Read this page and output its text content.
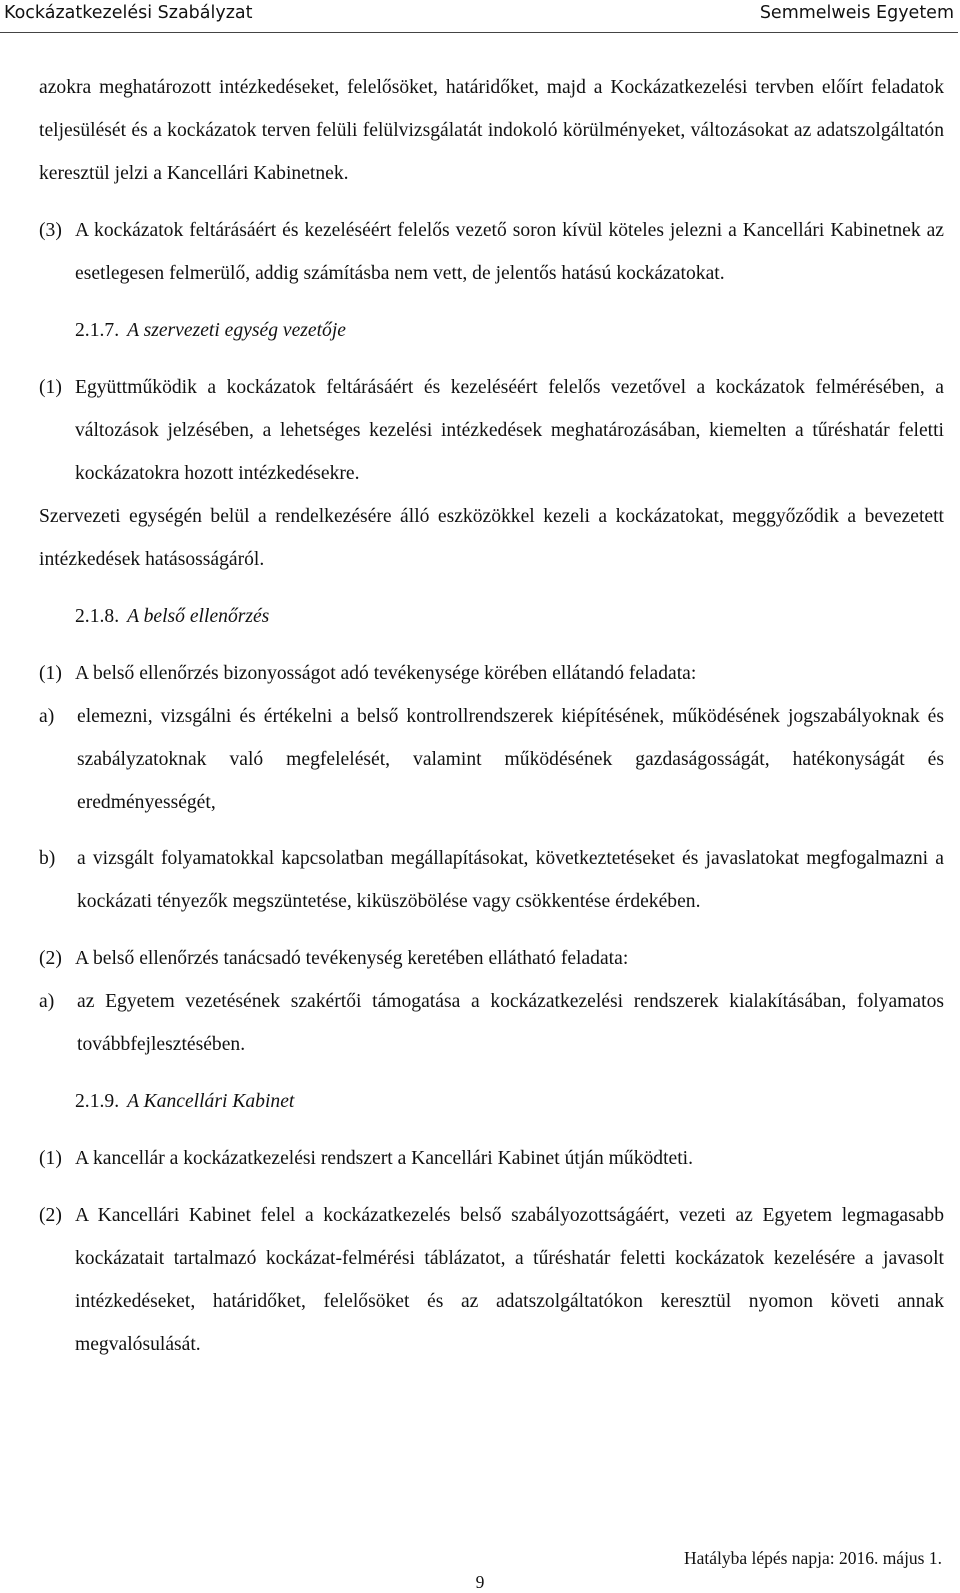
Kockázatkezelési Szabályzat	Semmelweis Egyetem

azokra meghatározott intézkedéseket, felelősöket, határidőket, majd a Kockázatkezelési tervben előírt feladatok teljesülését és a kockázatok terven felüli felülvizsgálatát indokoló körülményeket, változásokat az adatszolgáltatón keresztül jelzi a Kancellári Kabinetnek.

(3) A kockázatok feltárásáért és kezeléséért felelős vezető soron kívül köteles jelezni a Kancellári Kabinetnek az esetlegesen felmerülő, addig számításba nem vett, de jelentős hatású kockázatokat.
2.1.7. A szervezeti egység vezetője
(1) Együttműködik a kockázatok feltárásáért és kezeléséért felelős vezetővel a kockázatok felmérésében, a változások jelzésében, a lehetséges kezelési intézkedések meghatározásában, kiemelten a tűréshatár feletti kockázatokra hozott intézkedésekre.

Szervezeti egységén belül a rendelkezésére álló eszközökkel kezeli a kockázatokat, meggyőződik a bevezetett intézkedések hatásosságáról.

2.1.8. A belső ellenőrzés
(1) A belső ellenőrzés bizonyosságot adó tevékenysége körében ellátandó feladata:
a)	elemezni, vizsgálni és értékelni a belső kontrollrendszerek kiépítésének, működésének jogszabályoknak és szabályzatoknak való megfelelését, valamint működésének gazdaságosságát, hatékonyságát és eredményességét,
b)	a vizsgált folyamatokkal kapcsolatban megállapításokat, következtetéseket és javaslatokat megfogalmazni a kockázati tényezők megszüntetése, kiküszöbölése vagy csökkentése érdekében.
(2) A belső ellenőrzés tanácsadó tevékenység keretében ellátható feladata:
a)	az Egyetem vezetésének szakértői támogatása a kockázatkezelési rendszerek kialakításában, folyamatos továbbfejlesztésében.
2.1.9. A Kancellári Kabinet
(1) A kancellár a kockázatkezelési rendszert a Kancellári Kabinet útján működteti.
(2) A Kancellári Kabinet felel a kockázatkezelés belső szabályozottságáért, vezeti az Egyetem legmagasabb kockázatait tartalmazó kockázat-felmérési táblázatot, a tűréshatár feletti kockázatok kezelésére a javasolt intézkedéseket, határidőket, felelősöket és az adatszolgáltatókon keresztül nyomon követi annak megvalósulását.
Hatályba lépés napja: 2016. május 1.
9
